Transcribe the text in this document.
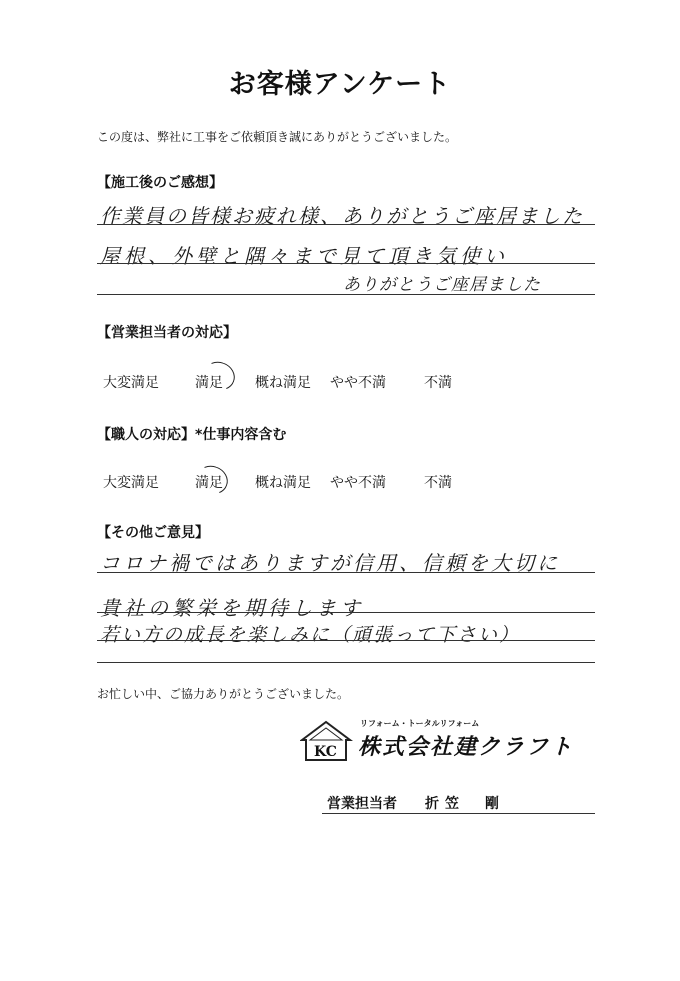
お客様アンケート
この度は、弊社に工事をご依頼頂き誠にありがとうございました。
【施工後のご感想】
作業員の皆様お疲れ様、ありがとうご座居ました
屋根、外壁と隅々まで見て頂き気使い
ありがとうご座居ました
【営業担当者の対応】
大変満足	満足 概ね満足 やや不満	不満
【職人の対応】*仕事内容含む
大変満足	満足 概ね満足 やや不満	不満
【その他ご意見】
コロナ禍ではありますが信用、信頼を大切に
貴社の繁栄を期待します
若い方の成長を楽しみに（頑張って下さい）
お忙しい中、ご協力ありがとうございました。
KC
リフォーム・トータルリフォーム
株式会社建クラフト
営業担当者 折笠　剛
